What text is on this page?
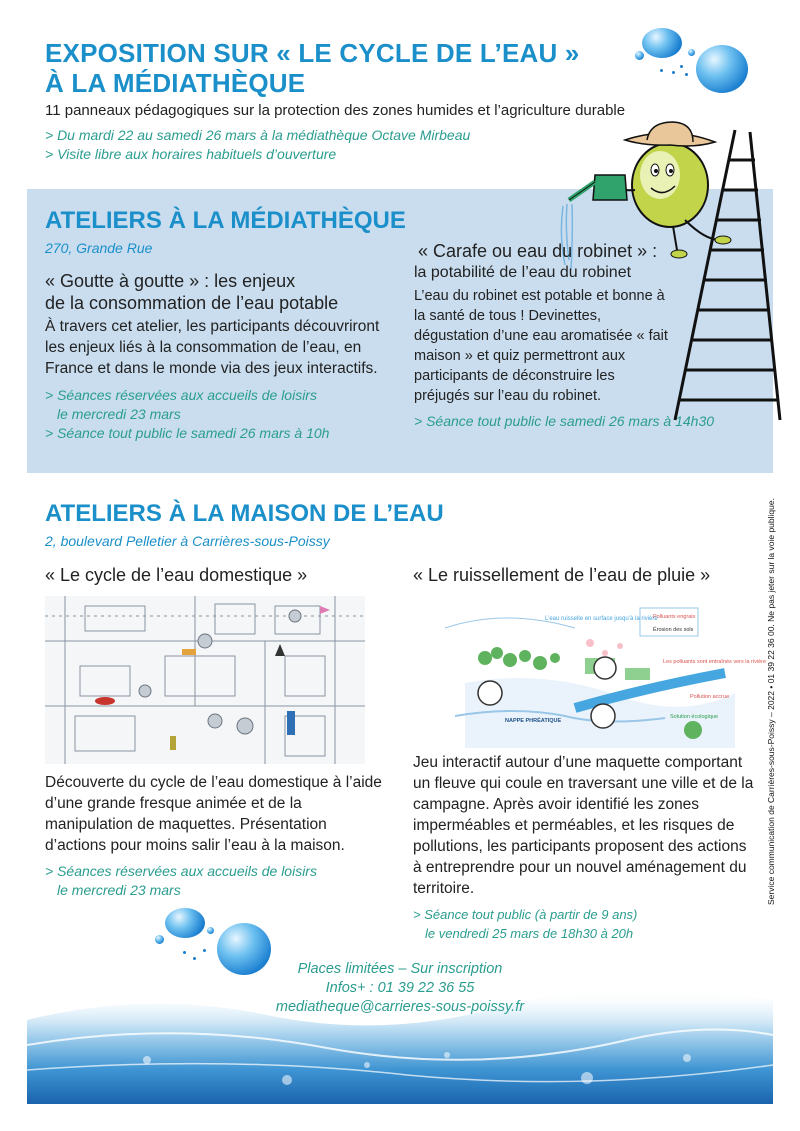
EXPOSITION SUR « LE CYCLE DE L’EAU »
À LA MÉDIATHÈQUE
11 panneaux pédagogiques sur la protection des zones humides et l’agriculture durable
> Du mardi 22 au samedi 26 mars à la médiathèque Octave Mirbeau
> Visite libre aux horaires habituels d’ouverture
ATELIERS À LA MÉDIATHÈQUE
270, Grande Rue
« Goutte à goutte » : les enjeux
de la consommation de l’eau potable
À travers cet atelier, les participants découvriront les enjeux liés à la consommation de l’eau, en France et dans le monde via des jeux interactifs.
> Séances réservées aux accueils de loisirs
le mercredi 23 mars
> Séance tout public le samedi 26 mars à 10h
« Carafe ou eau du robinet » :
la potabilité de l’eau du robinet
L’eau du robinet est potable et bonne à la santé de tous ! Devinettes, dégustation d’une eau aromatisée « fait maison » et quiz permettront aux participants de déconstruire les préjugés sur l’eau du robinet.
> Séance tout public le samedi 26 mars à 14h30
ATELIERS À LA MAISON DE L’EAU
2, boulevard Pelletier à Carrières-sous-Poissy
« Le cycle de l’eau domestique »	« Le ruissellement de l’eau de pluie »
L’eau ruisselle en surface jusqu’à la rivière
Polluants engrais
Érosion des sols
Les polluants sont entraînés vers la rivière
Pollution accrue
Solution écologique
NAPPE PHRÉATIQUE
Découverte du cycle de l’eau domestique à l’aide d’une grande fresque animée et de la manipulation de maquettes. Présentation d’actions pour moins salir l’eau à la maison.
> Séances réservées aux accueils de loisirs
le mercredi 23 mars
Jeu interactif autour d’une maquette comportant un fleuve qui coule en traversant une ville et de la campagne. Après avoir identifié les zones imperméables et perméables, et les risques de pollutions, les participants proposent des actions à entreprendre pour un nouvel aménagement du territoire.
> Séance tout public (à partir de 9 ans)
le vendredi 25 mars de 18h30 à 20h
Service communication de Carrières-sous-Poissy – 2022 • 01 39 22 36 00. Ne pas jeter sur la voie publique.
Places limitées – Sur inscription
Infos+ : 01 39 22 36 55
mediatheque@carrieres-sous-poissy.fr
